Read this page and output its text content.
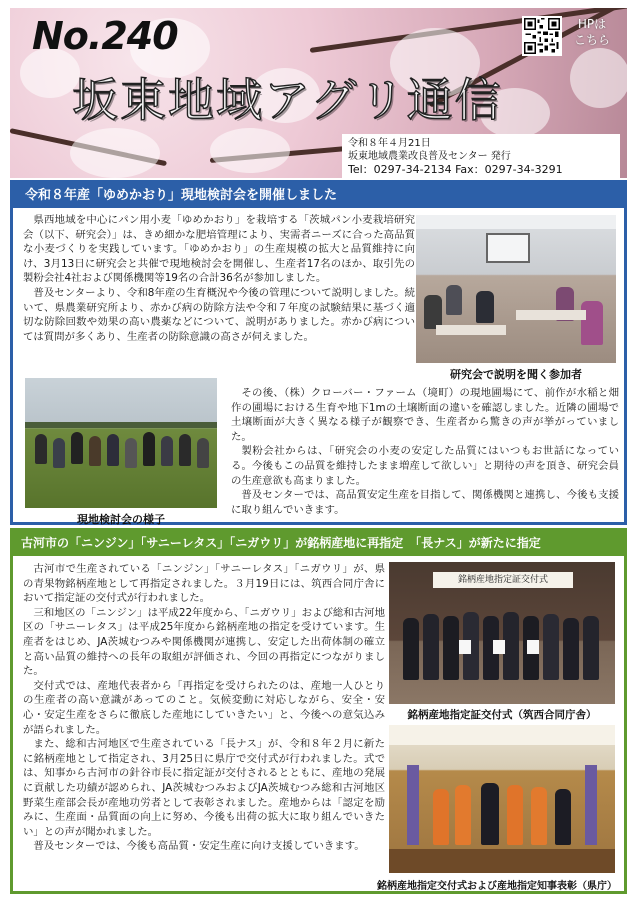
No.240
坂東地域アグリ通信
HPは
こちら
令和８年４月21日
坂東地域農業改良普及センター 発行
Tel：0297-34-2134 Fax：0297-34-3291
令和８年産「ゆめかおり」現地検討会を開催しました

県西地域を中心にパン用小麦「ゆめかおり」を栽培する「茨城パン小麦栽培研究会（以下、研究会）」は、きめ細かな肥培管理により、実需者ニーズに合った高品質な小麦づくりを実践しています。「ゆめかおり」の生産規模の拡大と品質維持に向け、3月13日に研究会と共催で現地検討会を開催し、生産者17名のほか、取引先の製粉会社4社および関係機関等19名の合計36名が参加しました。

普及センターより、令和8年産の生育概況や今後の管理について説明しました。続いて、県農業研究所より、赤かび病の防除方法や令和７年度の試験結果に基づく適切な防除回数や効果の高い農薬などについて、説明がありました。赤かび病については質問が多くあり、生産者の防除意識の高さが伺えました。

研究会で説明を聞く参加者
現地検討会の様子

その後、（株）クローバー・ファーム（境町）の現地圃場にて、前作が水稲と畑作の圃場における生育や地下1mの土壌断面の違いを確認しました。近隣の圃場で土壌断面が大きく異なる様子が観察でき、生産者から驚きの声が挙がっていました。

製粉会社からは、「研究会の小麦の安定した品質にはいつもお世話になっている。今後もこの品質を維持したまま増産して欲しい」と期待の声を頂き、研究会員の生産意欲も高まりました。

普及センターでは、高品質安定生産を目指して、関係機関と連携し、今後も支援に取り組んでいきます。

古河市の「ニンジン」「サニーレタス」「ニガウリ」が銘柄産地に再指定　「長ナス」が新たに指定

古河市で生産されている「ニンジン」「サニーレタス」「ニガウリ」が、県の青果物銘柄産地として再指定されました。３月19日には、筑西合同庁舎において指定証の交付式が行われました。

三和地区の「ニンジン」は平成22年度から、「ニガウリ」および総和古河地区の「サニーレタス」は平成25年度から銘柄産地の指定を受けています。生産者をはじめ、JA茨城むつみや関係機関が連携し、安定した出荷体制の確立と高い品質の維持への長年の取組が評価され、今回の再指定につながりました。

交付式では、産地代表者から「再指定を受けられたのは、産地一人ひとりの生産者の高い意識があってのこと。気候変動に対応しながら、安全・安心・安定生産をさらに徹底した産地にしていきたい」と、今後への意気込みが語られました。

また、総和古河地区で生産されている「長ナス」が、令和８年２月に新たに銘柄産地として指定され、3月25日に県庁で交付式が行われました。式では、知事から古河市の針谷市長に指定証が交付されるとともに、産地の発展に貢献した功績が認められ、JA茨城むつみおよびJA茨城むつみ総和古河地区野菜生産部会長が産地功労者として表彰されました。産地からは「認定を励みに、生産面・品質面の向上に努め、今後も出荷の拡大に取り組んでいきたい」との声が聞かれました。

普及センターでは、今後も高品質・安定生産に向け支援していきます。

銘柄産地指定証交付式
銘柄産地指定証交付式（筑西合同庁舎）
銘柄産地指定交付式および産地指定知事表彰（県庁）
